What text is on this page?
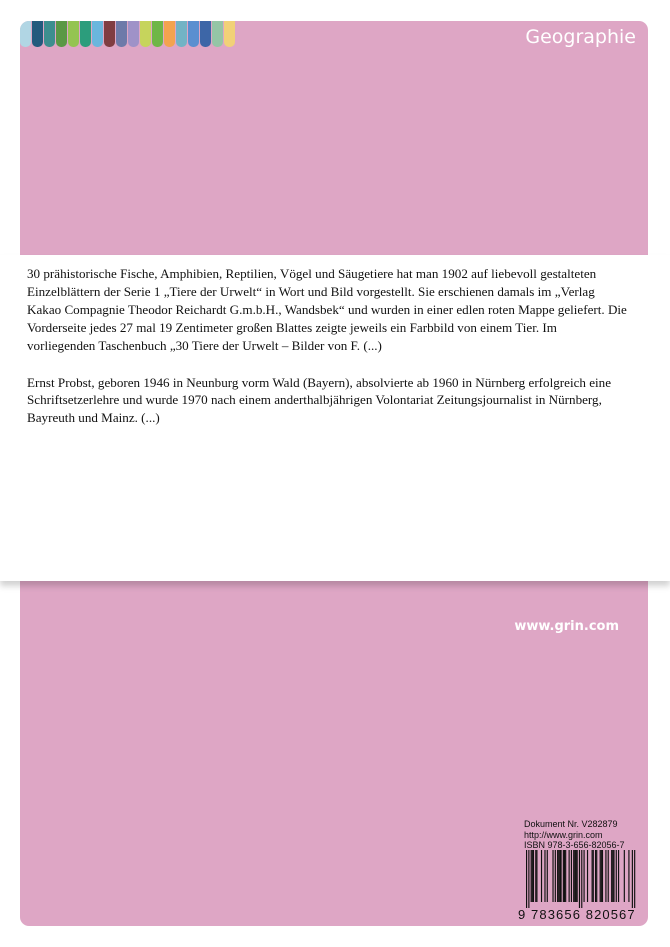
Geographie
www.grin.com

30 prähistorische Fische, Amphibien, Reptilien, Vögel und Säugetiere hat man 1902 auf liebevoll gestalteten Einzelblättern der Serie 1 „Tiere der Urwelt“ in Wort und Bild vorgestellt. Sie erschienen damals im „Verlag Kakao Compagnie Theodor Reichardt G.m.b.H., Wandsbek“ und wurden in einer edlen roten Mappe geliefert. Die Vorderseite jedes 27 mal 19 Zentimeter großen Blattes zeigte jeweils ein Farbbild von einem Tier. Im vorliegenden Taschenbuch „30 Tiere der Urwelt – Bilder von F. (...)

Ernst Probst, geboren 1946 in Neunburg vorm Wald (Bayern), absolvierte ab 1960 in Nürnberg erfolgreich eine Schriftsetzerlehre und wurde 1970 nach einem anderthalbjährigen Volontariat Zeitungsjournalist in Nürnberg, Bayreuth und Mainz. (...)

Dokument Nr. V282879
http://www.grin.com
ISBN 978-3-656-82056-7
9 783656 820567
